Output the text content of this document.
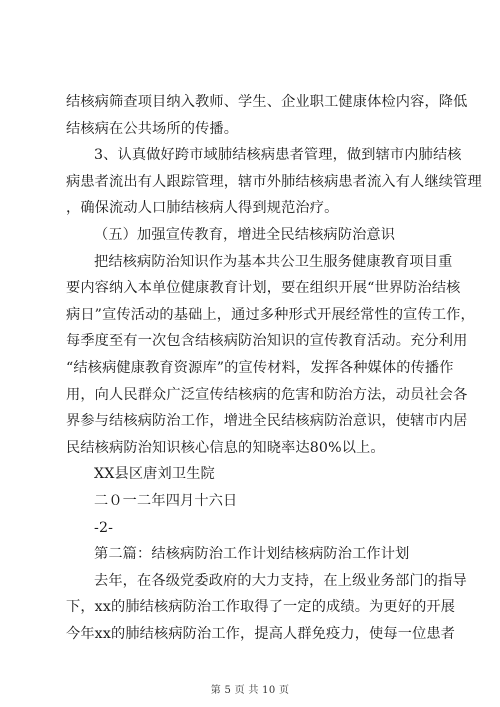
结核病筛查项目纳入教师、学生、企业职工健康体检内容，降低
结核病在公共场所的传播。
3、认真做好跨市域肺结核病患者管理，做到辖市内肺结核
病患者流出有人跟踪管理，辖市外肺结核病患者流入有人继续管理
，确保流动人口肺结核病人得到规范治疗。
（五）加强宣传教育，增进全民结核病防治意识
把结核病防治知识作为基本共公卫生服务健康教育项目重
要内容纳入本单位健康教育计划，要在组织开展“世界防治结核
病日”宣传活动的基础上，通过多种形式开展经常性的宣传工作，
每季度至有一次包含结核病防治知识的宣传教育活动。充分利用
“结核病健康教育资源库”的宣传材料，发挥各种媒体的传播作
用，向人民群众广泛宣传结核病的危害和防治方法，动员社会各
界参与结核病防治工作，增进全民结核病防治意识，使辖市内居
民结核病防治知识核心信息的知晓率达80%以上。
XX县区唐刘卫生院
二０一二年四月十六日
-2-
第二篇：结核病防治工作计划结核病防治工作计划
去年，在各级党委政府的大力支持，在上级业务部门的指导
下，xx的肺结核病防治工作取得了一定的成绩。为更好的开展
今年xx的肺结核病防治工作，提高人群免疫力，使每一位患者
第 5 页 共 10 页
